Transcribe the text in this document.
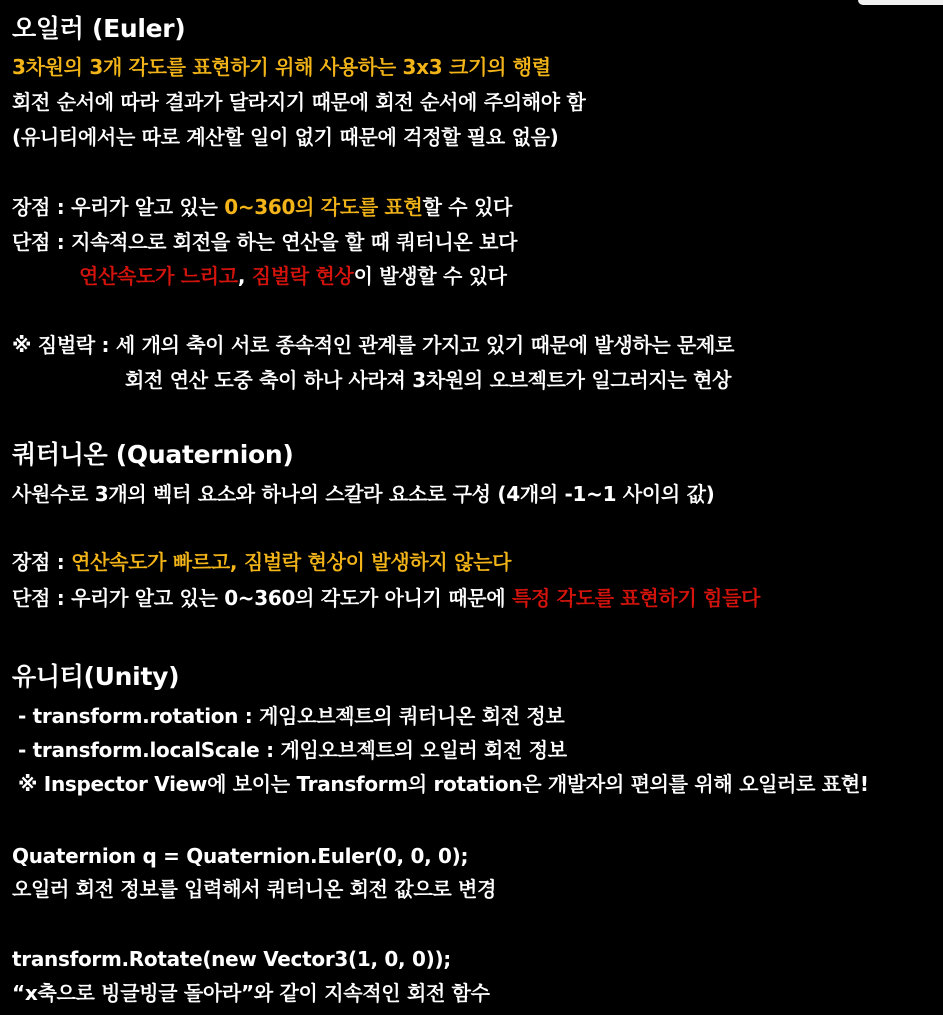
오일러 (Euler)
3차원의 3개 각도를 표현하기 위해 사용하는 3x3 크기의 행렬
회전 순서에 따라 결과가 달라지기 때문에 회전 순서에 주의해야 함
(유니티에서는 따로 계산할 일이 없기 때문에 걱정할 필요 없음)
장점 : 우리가 알고 있는 0~360의 각도를 표현할 수 있다
단점 : 지속적으로 회전을 하는 연산을 할 때 쿼터니온 보다
연산속도가 느리고, 짐벌락 현상이 발생할 수 있다
※ 짐벌락 : 세 개의 축이 서로 종속적인 관계를 가지고 있기 때문에 발생하는 문제로
회전 연산 도중 축이 하나 사라져 3차원의 오브젝트가 일그러지는 현상
쿼터니온 (Quaternion)
사원수로 3개의 벡터 요소와 하나의 스칼라 요소로 구성 (4개의 -1~1 사이의 값)
장점 : 연산속도가 빠르고, 짐벌락 현상이 발생하지 않는다
단점 : 우리가 알고 있는 0~360의 각도가 아니기 때문에 특정 각도를 표현하기 힘들다
유니티(Unity)
- transform.rotation : 게임오브젝트의 쿼터니온 회전 정보
- transform.localScale : 게임오브젝트의 오일러 회전 정보
※ Inspector View에 보이는 Transform의 rotation은 개발자의 편의를 위해 오일러로 표현!
Quaternion q = Quaternion.Euler(0, 0, 0);
오일러 회전 정보를 입력해서 쿼터니온 회전 값으로 변경
transform.Rotate(new Vector3(1, 0, 0));
“x축으로 빙글빙글 돌아라”와 같이 지속적인 회전 함수
